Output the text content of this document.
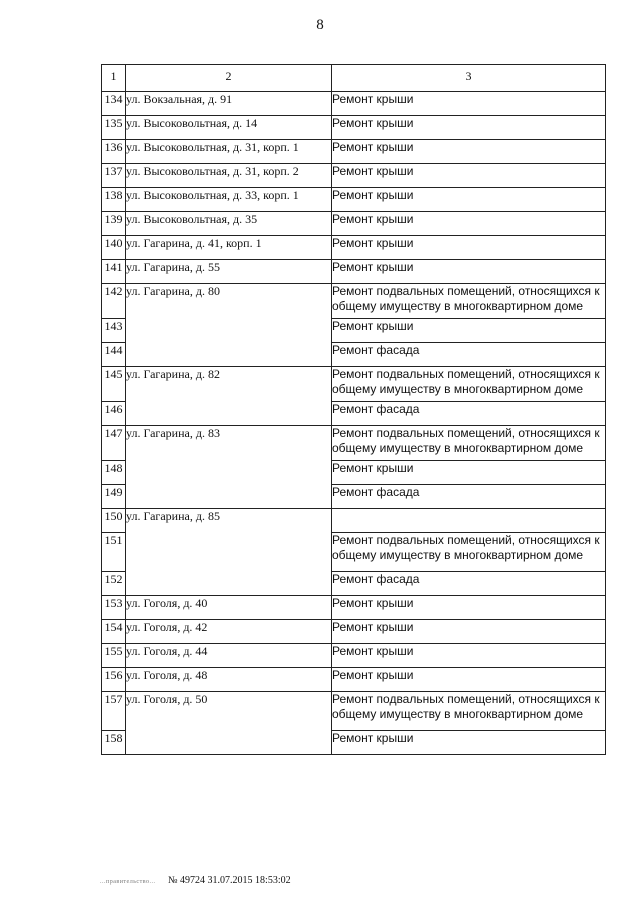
8
1	2	3
134	ул. Вокзальная, д. 91	Ремонт крыши
135	ул. Высоковольтная, д. 14	Ремонт крыши
136	ул. Высоковольтная, д. 31, корп. 1	Ремонт крыши
137	ул. Высоковольтная, д. 31, корп. 2	Ремонт крыши
138	ул. Высоковольтная, д. 33, корп. 1	Ремонт крыши
139	ул. Высоковольтная, д. 35	Ремонт крыши
140	ул. Гагарина, д. 41, корп. 1	Ремонт крыши
141	ул. Гагарина, д. 55	Ремонт крыши
142	ул. Гагарина, д. 80	Ремонт подвальных помещений, относящихся к общему имуществу в многоквартирном доме
143		Ремонт крыши
144		Ремонт фасада
145	ул. Гагарина, д. 82	Ремонт подвальных помещений, относящихся к общему имуществу в многоквартирном доме
146		Ремонт фасада
147	ул. Гагарина, д. 83	Ремонт подвальных помещений, относящихся к общему имуществу в многоквартирном доме
148		Ремонт крыши
149		Ремонт фасада
150	ул. Гагарина, д. 85	
151		Ремонт подвальных помещений, относящихся к общему имуществу в многоквартирном доме
152		Ремонт фасада
153	ул. Гоголя, д. 40	Ремонт крыши
154	ул. Гоголя, д. 42	Ремонт крыши
155	ул. Гоголя, д. 44	Ремонт крыши
156	ул. Гоголя, д. 48	Ремонт крыши
157	ул. Гоголя, д. 50	Ремонт подвальных помещений, относящихся к общему имуществу в многоквартирном доме
158		Ремонт крыши
...правительство... № 49724 31.07.2015 18:53:02
